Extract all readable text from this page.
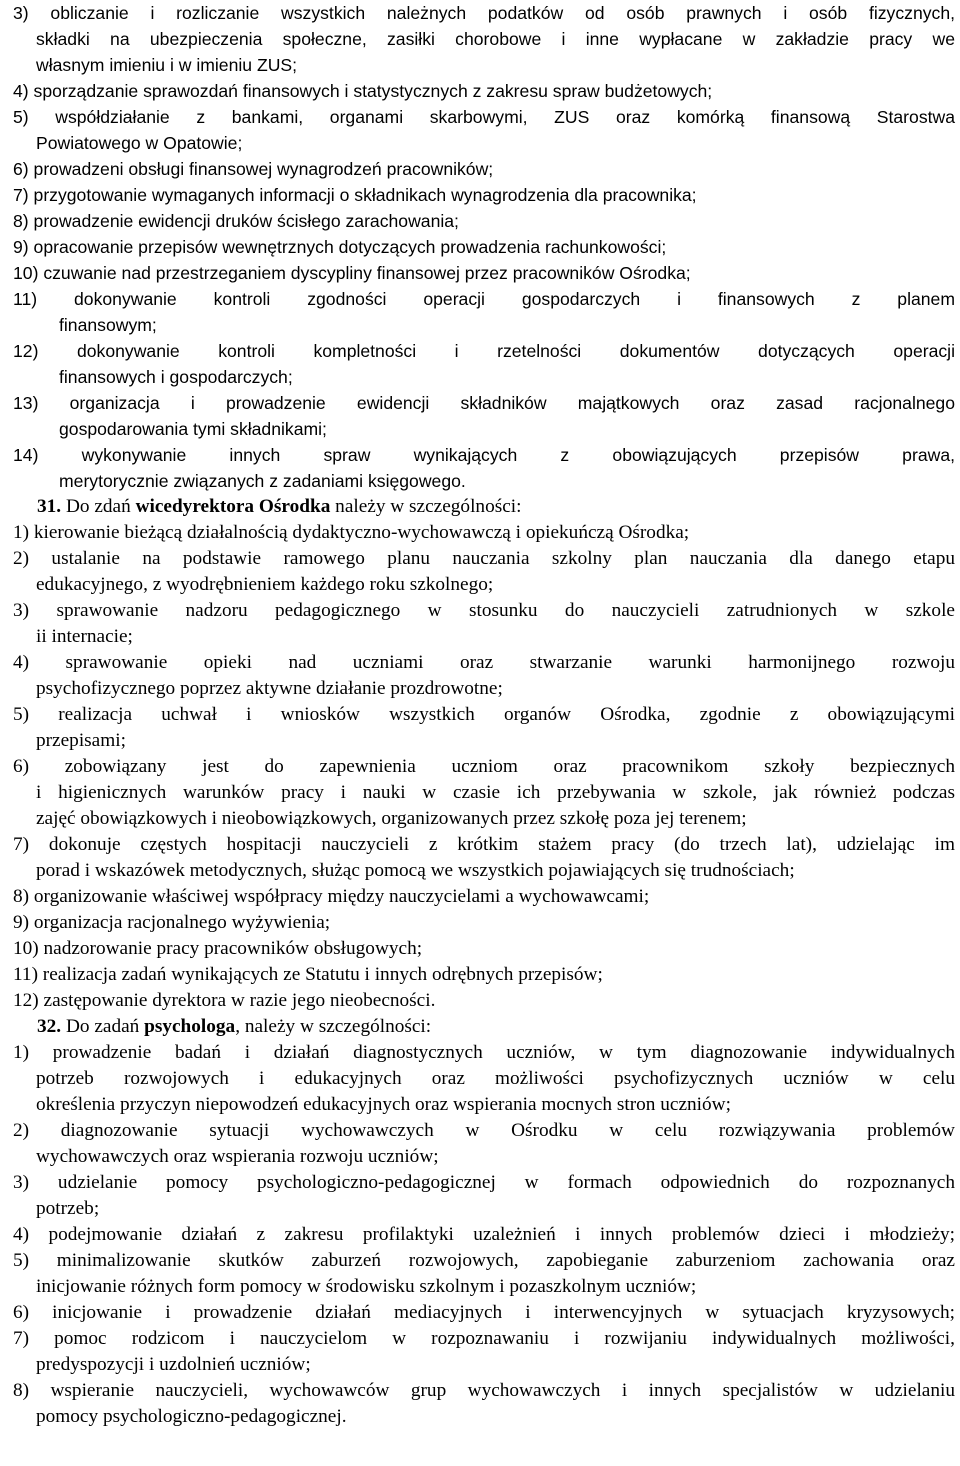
3) obliczanie i rozliczanie wszystkich należnych podatków od osób prawnych i osób fizycznych,
składki na ubezpieczenia społeczne, zasiłki chorobowe i inne wypłacane w zakładzie pracy we
własnym imieniu i w imieniu ZUS;
4) sporządzanie sprawozdań finansowych i statystycznych z zakresu spraw budżetowych;
5) współdziałanie z bankami, organami skarbowymi, ZUS oraz komórką finansową Starostwa
Powiatowego w Opatowie;
6) prowadzeni obsługi finansowej wynagrodzeń pracowników;
7) przygotowanie wymaganych informacji o składnikach wynagrodzenia dla pracownika;
8) prowadzenie ewidencji druków ścisłego zarachowania;
9) opracowanie przepisów wewnętrznych dotyczących prowadzenia rachunkowości;
10) czuwanie nad przestrzeganiem dyscypliny finansowej przez pracowników Ośrodka;
11) dokonywanie kontroli zgodności operacji gospodarczych i finansowych z planem
finansowym;
12) dokonywanie kontroli kompletności i rzetelności dokumentów dotyczących operacji
finansowych i gospodarczych;
13) organizacja i prowadzenie ewidencji składników majątkowych oraz zasad racjonalnego
gospodarowania tymi składnikami;
14) wykonywanie innych spraw wynikających z obowiązujących przepisów prawa,
merytorycznie związanych z zadaniami księgowego.
31. Do zdań wicedyrektora Ośrodka należy w szczególności:
1) kierowanie bieżącą działalnością dydaktyczno-wychowawczą i opiekuńczą Ośrodka;
2) ustalanie na podstawie ramowego planu nauczania szkolny plan nauczania dla danego etapu
edukacyjnego, z wyodrębnieniem każdego roku szkolnego;
3) sprawowanie nadzoru pedagogicznego w stosunku do nauczycieli zatrudnionych w szkole
ii internacie;
4) sprawowanie opieki nad uczniami oraz stwarzanie warunki harmonijnego rozwoju
psychofizycznego poprzez aktywne działanie prozdrowotne;
5) realizacja uchwał i wniosków wszystkich organów Ośrodka, zgodnie z obowiązującymi
przepisami;
6) zobowiązany jest do zapewnienia uczniom oraz pracownikom szkoły bezpiecznych
i higienicznych warunków pracy i nauki w czasie ich przebywania w szkole, jak również podczas
zajęć obowiązkowych i nieobowiązkowych, organizowanych przez szkołę poza jej terenem;
7) dokonuje częstych hospitacji nauczycieli z krótkim stażem pracy (do trzech lat), udzielając im
porad i wskazówek metodycznych, służąc pomocą we wszystkich pojawiających się trudnościach;
8) organizowanie właściwej współpracy między nauczycielami a wychowawcami;
9) organizacja racjonalnego wyżywienia;
10) nadzorowanie pracy pracowników obsługowych;
11) realizacja zadań wynikających ze Statutu i innych odrębnych przepisów;
12) zastępowanie dyrektora w razie jego nieobecności.
32. Do zadań psychologa, należy w szczególności:
1) prowadzenie badań i działań diagnostycznych uczniów, w tym diagnozowanie indywidualnych
potrzeb rozwojowych i edukacyjnych oraz możliwości psychofizycznych uczniów w celu
określenia przyczyn niepowodzeń edukacyjnych oraz wspierania mocnych stron uczniów;
2) diagnozowanie sytuacji wychowawczych w Ośrodku w celu rozwiązywania problemów
wychowawczych oraz wspierania rozwoju uczniów;
3) udzielanie pomocy psychologiczno-pedagogicznej w formach odpowiednich do rozpoznanych
potrzeb;
4) podejmowanie działań z zakresu profilaktyki uzależnień i innych problemów dzieci i młodzieży;
5) minimalizowanie skutków zaburzeń rozwojowych, zapobieganie zaburzeniom zachowania oraz
inicjowanie różnych form pomocy w środowisku szkolnym i pozaszkolnym uczniów;
6) inicjowanie i prowadzenie działań mediacyjnych i interwencyjnych w sytuacjach kryzysowych;
7) pomoc rodzicom i nauczycielom w rozpoznawaniu i rozwijaniu indywidualnych możliwości,
predyspozycji i uzdolnień uczniów;
8) wspieranie nauczycieli, wychowawców grup wychowawczych i innych specjalistów w udzielaniu
pomocy psychologiczno-pedagogicznej.
